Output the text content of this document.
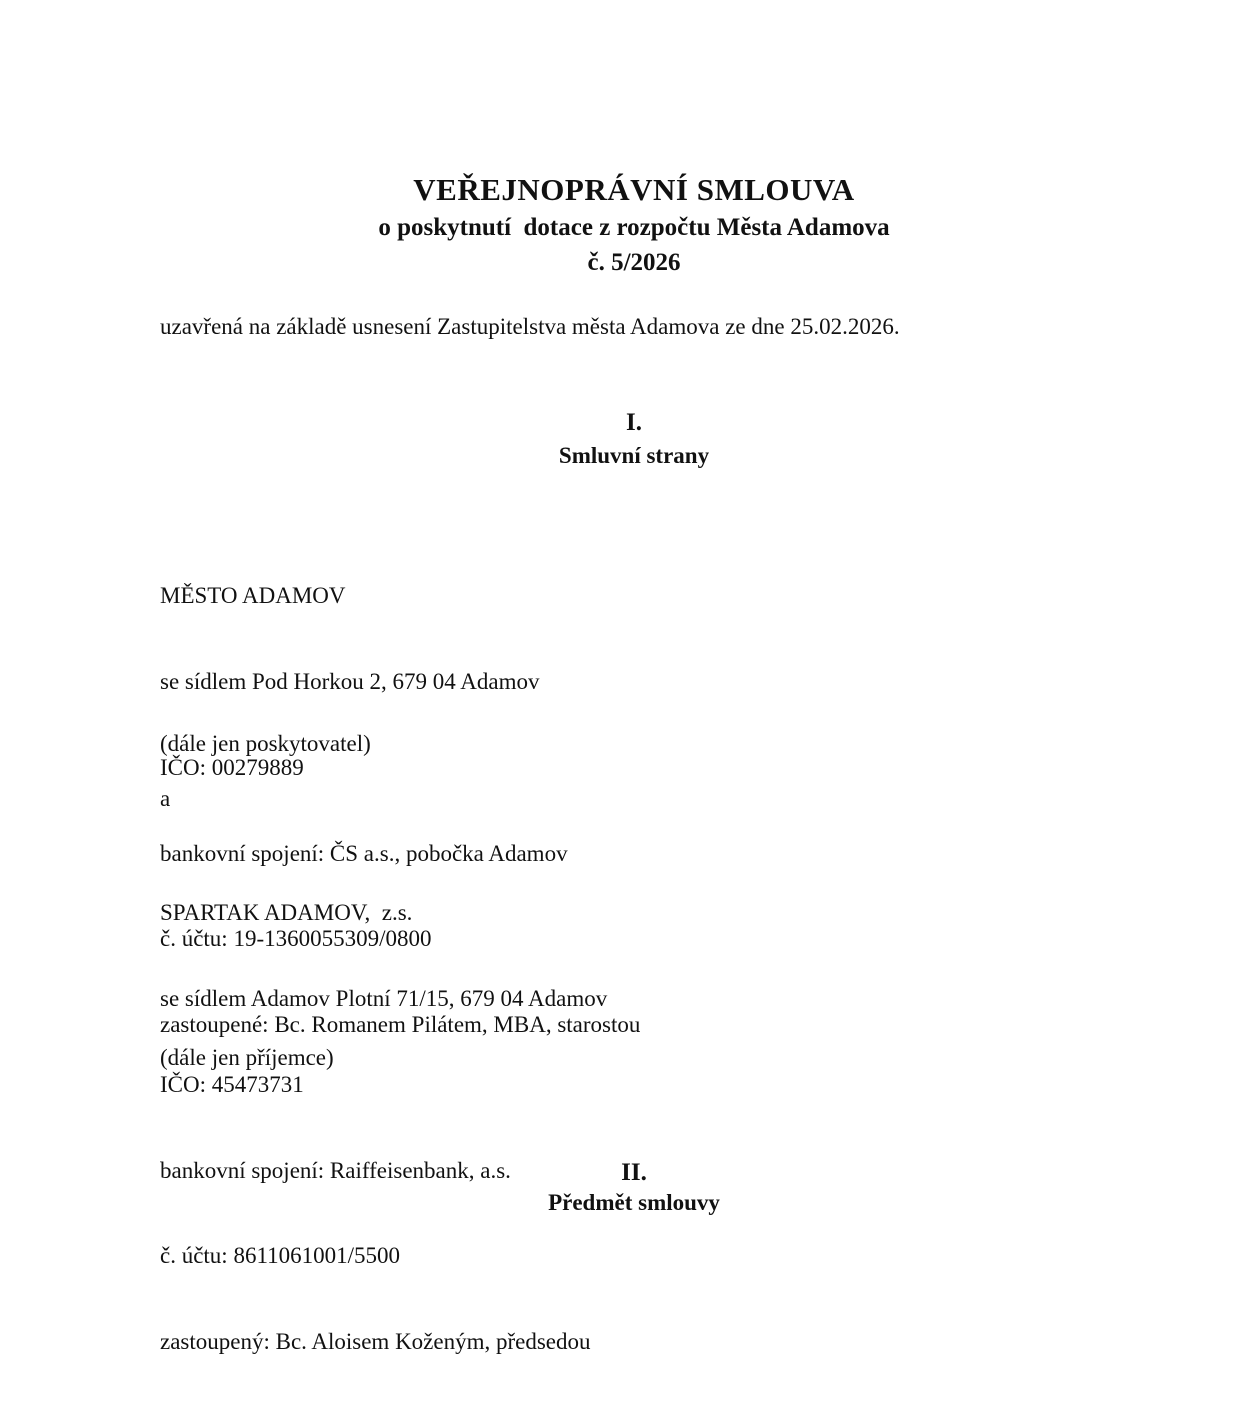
VEŘEJNOPRÁVNÍ SMLOUVA
o poskytnutí  dotace z rozpočtu Města Adamova
č. 5/2026
uzavřená na základě usnesení Zastupitelstva města Adamova ze dne 25.02.2026.
I.
Smluvní strany

MĚSTO ADAMOV

se sídlem Pod Horkou 2, 679 04 Adamov

IČO: 00279889

bankovní spojení: ČS a.s., pobočka Adamov

č. účtu: 19-1360055309/0800

zastoupené: Bc. Romanem Pilátem, MBA, starostou

(dále jen poskytovatel)
a

SPARTAK ADAMOV,  z.s.

se sídlem Adamov Plotní 71/15, 679 04 Adamov

IČO: 45473731

bankovní spojení: Raiffeisenbank, a.s.

č. účtu: 8611061001/5500

zastoupený: Bc. Aloisem Koženým, předsedou

(dále jen příjemce)
II.
Předmět smlouvy
